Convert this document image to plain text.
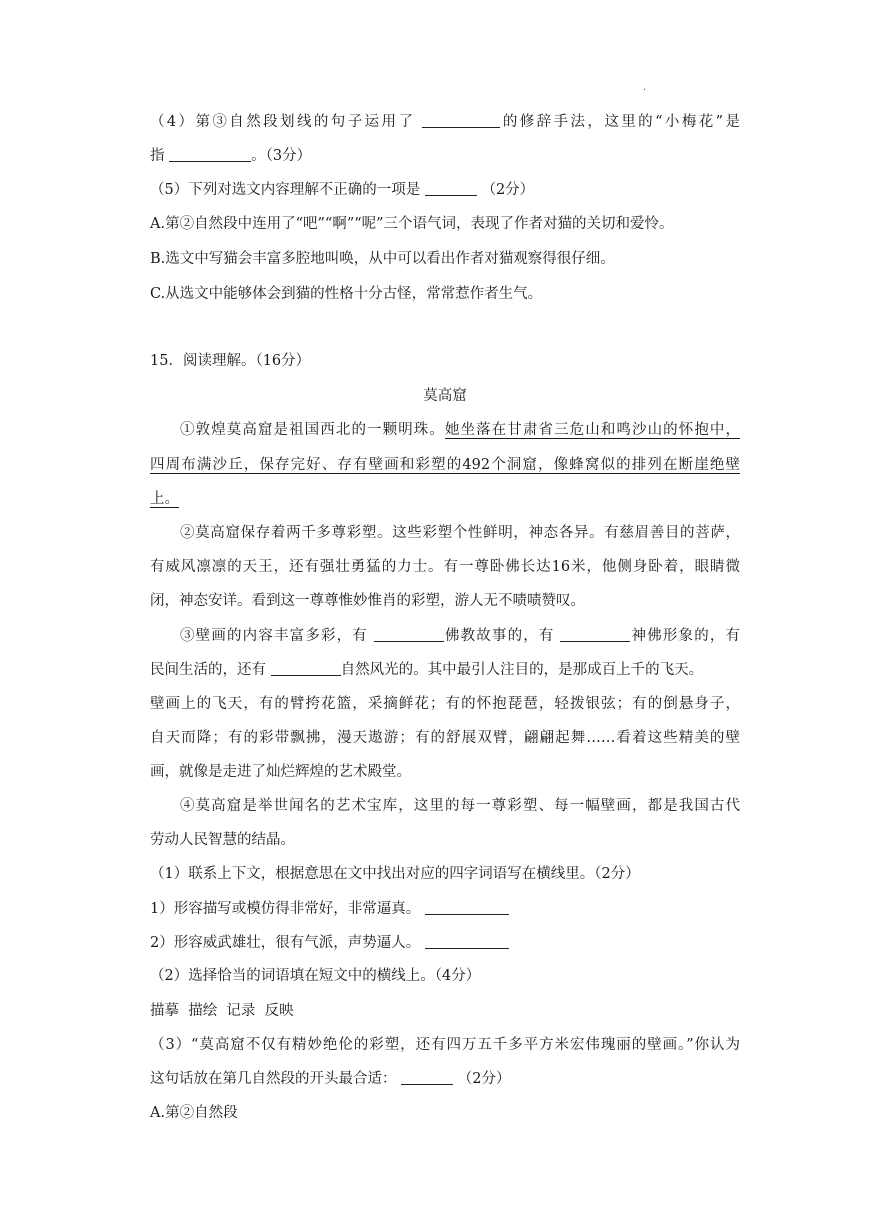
.
（4）第③自然段划线的句子运用了	的修辞手法，这里的“小梅花”是
指	。（3分）
（5）下列对选文内容理解不正确的一项是	（2分）
A.第②自然段中连用了“吧”“啊”“呢”三个语气词，表现了作者对猫的关切和爱怜。
B.选文中写猫会丰富多腔地叫唤，从中可以看出作者对猫观察得很仔细。
C.从选文中能够体会到猫的性格十分古怪，常常惹作者生气。
15．阅读理解。（16分）
莫高窟
①敦煌莫高窟是祖国西北的一颗明珠。她坐落在甘肃省三危山和鸣沙山的怀抱中，
四周布满沙丘，保存完好、存有壁画和彩塑的492个洞窟，像蜂窝似的排列在断崖绝壁
上。
②莫高窟保存着两千多尊彩塑。这些彩塑个性鲜明，神态各异。有慈眉善目的菩萨，
有威风凛凛的天王，还有强壮勇猛的力士。有一尊卧佛长达16米，他侧身卧着，眼睛微
闭，神态安详。看到这一尊尊惟妙惟肖的彩塑，游人无不啧啧赞叹。
③壁画的内容丰富多彩，有	佛教故事的，有	神佛形象的，有
民间生活的，还有	自然风光的。其中最引人注目的，是那成百上千的飞天。
壁画上的飞天，有的臂挎花篮，采摘鲜花；有的怀抱琵琶，轻拨银弦；有的倒悬身子，
自天而降；有的彩带飘拂，漫天遨游；有的舒展双臂，翩翩起舞……看着这些精美的壁
画，就像是走进了灿烂辉煌的艺术殿堂。
④莫高窟是举世闻名的艺术宝库，这里的每一尊彩塑、每一幅壁画，都是我国古代
劳动人民智慧的结晶。
（1）联系上下文，根据意思在文中找出对应的四字词语写在横线里。（2分）
1）形容描写或模仿得非常好，非常逼真。
2）形容威武雄壮，很有气派，声势逼人。
（2）选择恰当的词语填在短文中的横线上。（4分）
描摹  描绘  记录  反映
（3）“莫高窟不仅有精妙绝伦的彩塑，还有四万五千多平方米宏伟瑰丽的壁画。”你认为
这句话放在第几自然段的开头最合适：	（2分）
A.第②自然段
